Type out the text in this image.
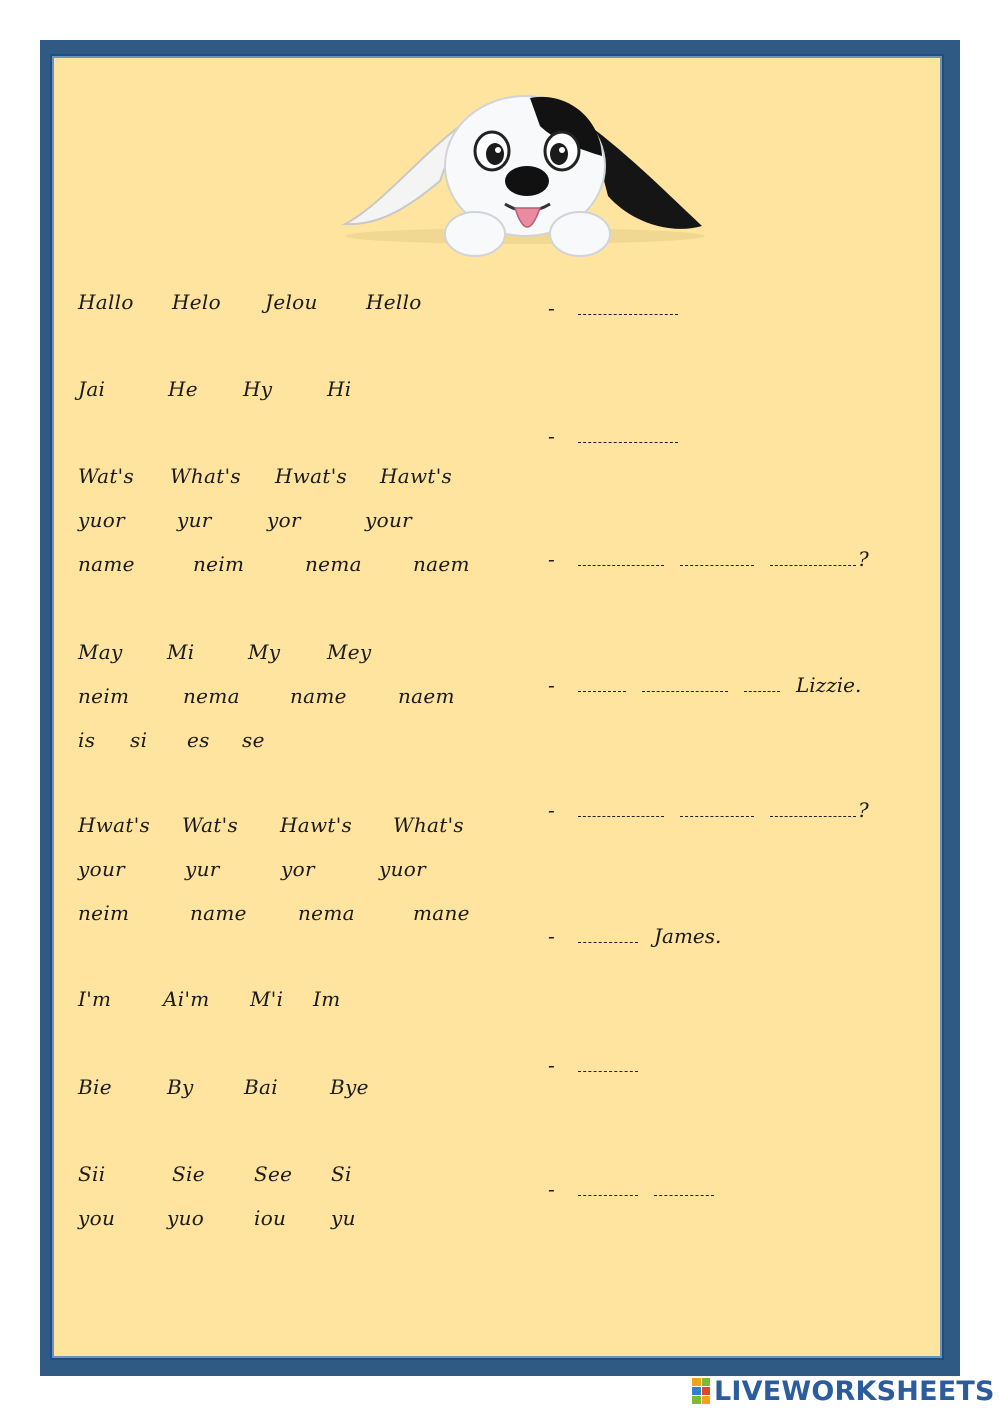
Hallo Helo Jelou Hello
Jai	He Hy	Hi
Wat's What's Hwat's Hawt's
yuor	yur	yor	your
name	neim	nema	naem
May Mi	My Mey
neim	nema	name	naem
is si es se
Hwat's Wat's Hawt's What's
your	yur	yor	yuor
neim	name	nema	mane
I'm	Ai'm M'i Im
Bie	By	Bai	Bye
Sii	Sie See Si
you	yuo iou yu
-
-
-	?
-	Lizzie.
-	?
-	James.
-
-
LIVEWORKSHEETS
